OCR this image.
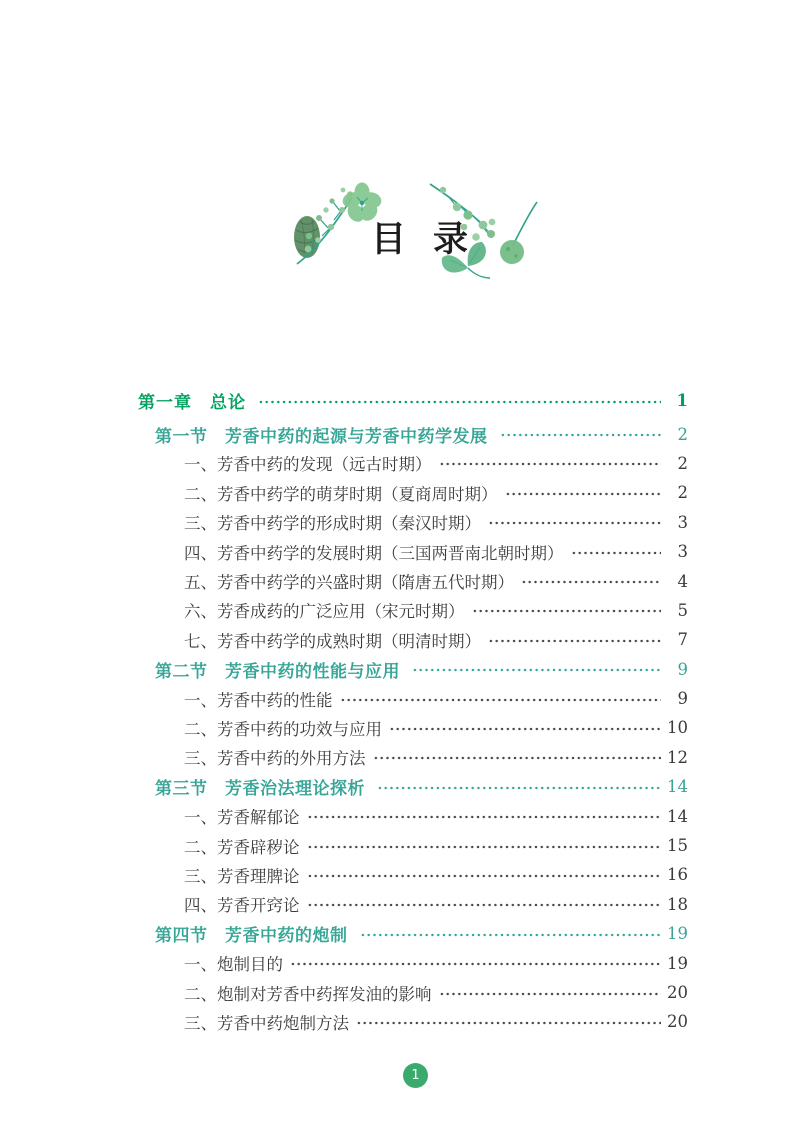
目录
第一章　总论	1
第一节　芳香中药的起源与芳香中药学发展	2
一、芳香中药的发现（远古时期）	2
二、芳香中药学的萌芽时期（夏商周时期）	2
三、芳香中药学的形成时期（秦汉时期）	3
四、芳香中药学的发展时期（三国两晋南北朝时期）	3
五、芳香中药学的兴盛时期（隋唐五代时期）	4
六、芳香成药的广泛应用（宋元时期）	5
七、芳香中药学的成熟时期（明清时期）	7
第二节　芳香中药的性能与应用	9
一、芳香中药的性能	9
二、芳香中药的功效与应用	10
三、芳香中药的外用方法	12
第三节　芳香治法理论探析	14
一、芳香解郁论	14
二、芳香辟秽论	15
三、芳香理脾论	16
四、芳香开窍论	18
第四节　芳香中药的炮制	19
一、炮制目的	19
二、炮制对芳香中药挥发油的影响	20
三、芳香中药炮制方法	20
1
